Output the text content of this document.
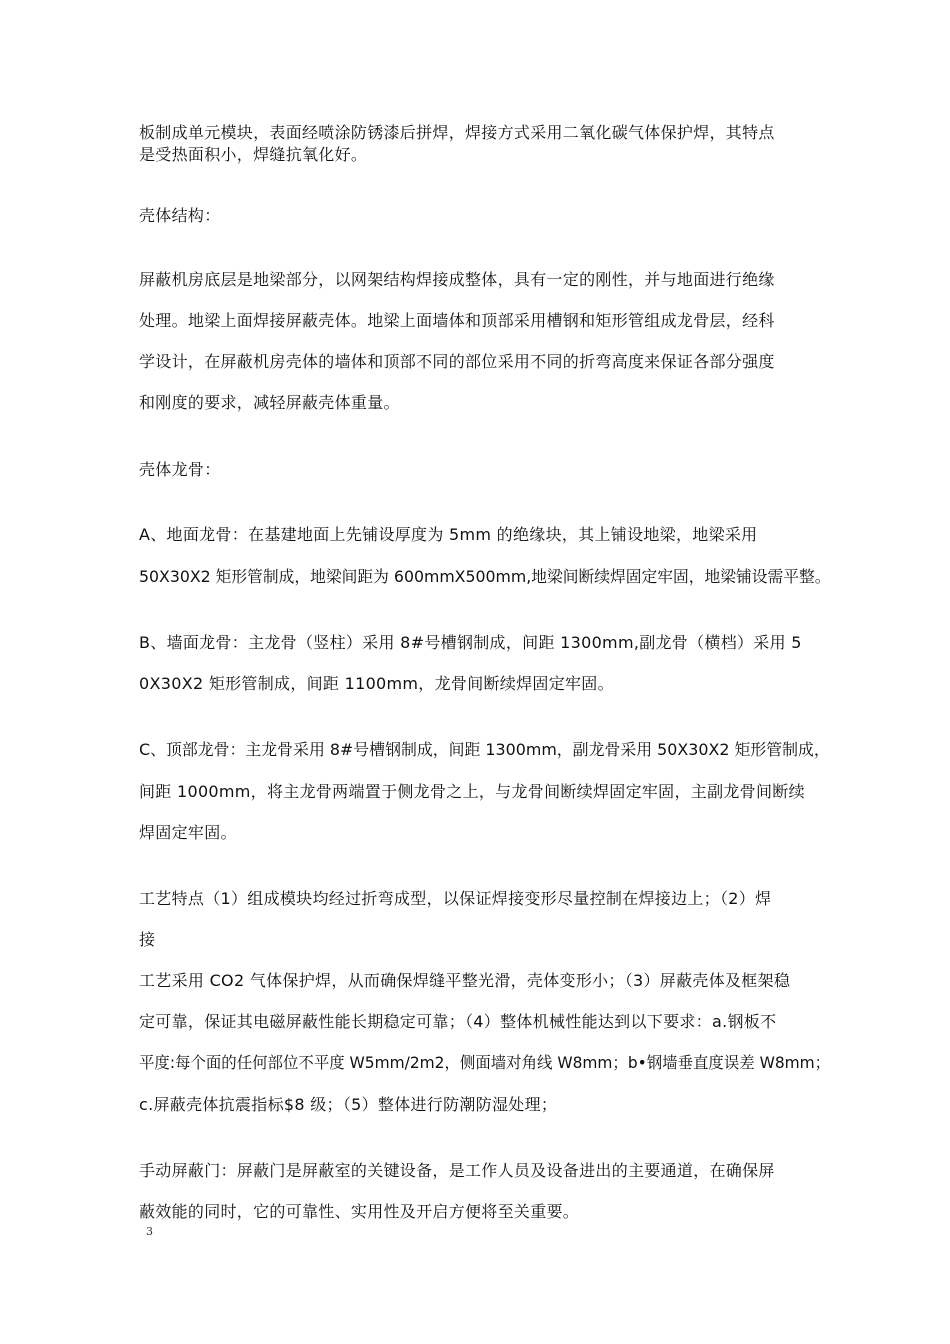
板制成单元模块，表面经喷涂防锈漆后拼焊，焊接方式采用二氧化碳气体保护焊，其特点
是受热面积小，焊缝抗氧化好。
壳体结构：
屏蔽机房底层是地梁部分，以网架结构焊接成整体，具有一定的刚性，并与地面进行绝缘
处理。地梁上面焊接屏蔽壳体。地梁上面墙体和顶部采用槽钢和矩形管组成龙骨层，经科
学设计，在屏蔽机房壳体的墙体和顶部不同的部位采用不同的折弯高度来保证各部分强度
和刚度的要求，减轻屏蔽壳体重量。
壳体龙骨：
A、地面龙骨：在基建地面上先铺设厚度为 5mm 的绝缘块，其上铺设地梁，地梁采用
50X30X2 矩形管制成，地梁间距为 600mmX500mm,地梁间断续焊固定牢固，地梁铺设需平整。
B、墙面龙骨：主龙骨（竖柱）采用 8#号槽钢制成，间距 1300mm,副龙骨（横档）采用 5
0X30X2 矩形管制成，间距 1100mm，龙骨间断续焊固定牢固。
C、顶部龙骨：主龙骨采用 8#号槽钢制成，间距 1300mm，副龙骨采用 50X30X2 矩形管制成，
间距 1000mm，将主龙骨两端置于侧龙骨之上，与龙骨间断续焊固定牢固，主副龙骨间断续
焊固定牢固。
工艺特点（1）组成模块均经过折弯成型，以保证焊接变形尽量控制在焊接边上；（2）焊
接
工艺采用 CO2 气体保护焊，从而确保焊缝平整光滑，壳体变形小；（3）屏蔽壳体及框架稳
定可靠，保证其电磁屏蔽性能长期稳定可靠；（4）整体机械性能达到以下要求：a.钢板不
平度:每个面的任何部位不平度 W5mm/2m2，侧面墙对角线 W8mm；b•钢墙垂直度误差 W8mm；
c.屏蔽壳体抗震指标$8 级；（5）整体进行防潮防湿处理；
手动屏蔽门：屏蔽门是屏蔽室的关键设备，是工作人员及设备进出的主要通道，在确保屏
蔽效能的同时，它的可靠性、实用性及开启方便将至关重要。
3
